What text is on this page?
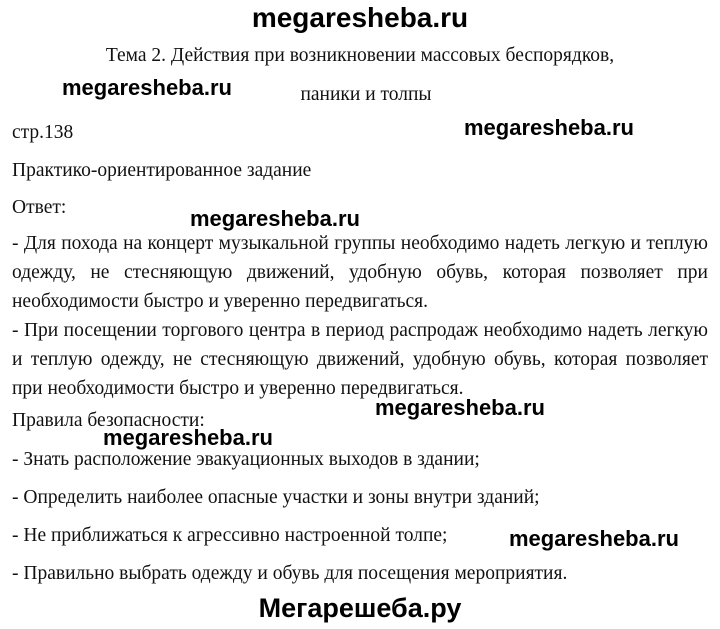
Тема 2. Действия при возникновении массовых беспорядков,
паники и толпы
стр.138
Практико-ориентированное задание
Ответ:
- Для похода на концерт музыкальной группы необходимо надеть легкую и теплую одежду, не стесняющую движений, удобную обувь, которая позволяет при необходимости быстро и уверенно передвигаться.
- При посещении торгового центра в период распродаж необходимо надеть легкую и теплую одежду, не стесняющую движений, удобную обувь, которая позволяет при необходимости быстро и уверенно передвигаться.
Правила безопасности:
- Знать расположение эвакуационных выходов в здании;
- Определить наиболее опасные участки и зоны внутри зданий;
- Не приближаться к агрессивно настроенной толпе;
- Правильно выбрать одежду и обувь для посещения мероприятия.
megaresheba.ru
megaresheba.ru
megaresheba.ru
megaresheba.ru
megaresheba.ru
megaresheba.ru
megaresheba.ru
Мегарешеба.ру
